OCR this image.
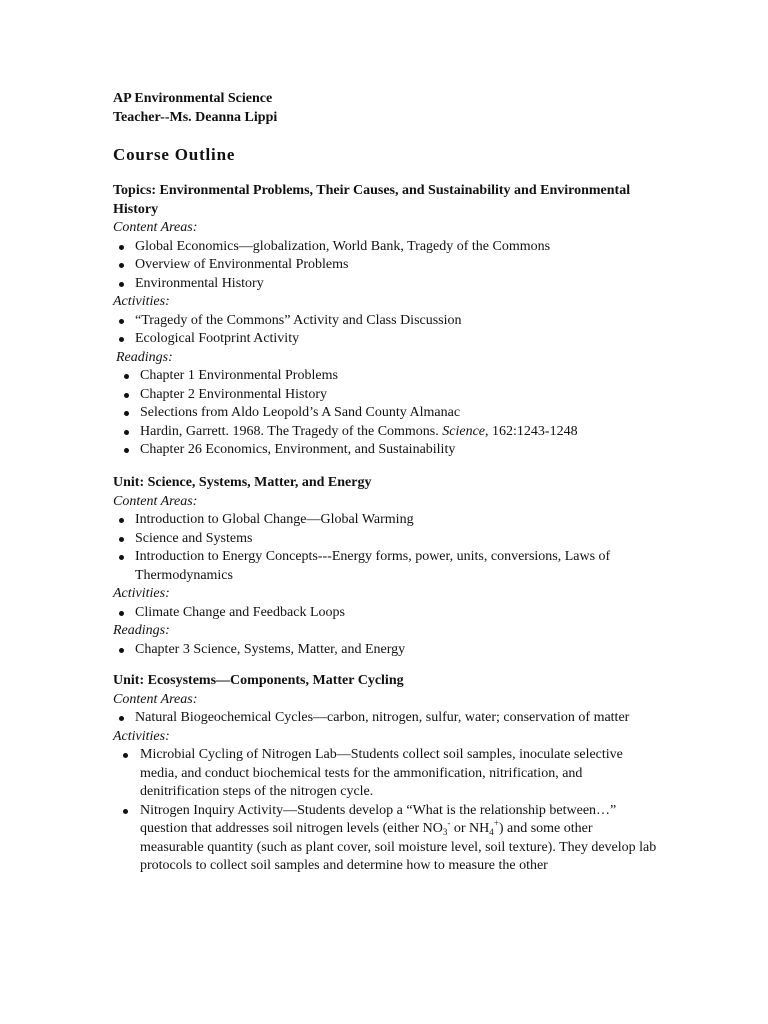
AP Environmental Science
Teacher--Ms. Deanna Lippi
Course Outline
Topics: Environmental Problems, Their Causes, and Sustainability and Environmental History
Content Areas:
Global Economics—globalization, World Bank, Tragedy of the Commons
Overview of Environmental Problems
Environmental History
Activities:
“Tragedy of the Commons” Activity and Class Discussion
Ecological Footprint Activity
Readings:
Chapter 1 Environmental Problems
Chapter 2 Environmental History
Selections from Aldo Leopold’s A Sand County Almanac
Hardin, Garrett. 1968. The Tragedy of the Commons. Science, 162:1243-1248
Chapter 26 Economics, Environment, and Sustainability
Unit: Science, Systems, Matter, and Energy
Content Areas:
Introduction to Global Change—Global Warming
Science and Systems
Introduction to Energy Concepts---Energy forms, power, units, conversions, Laws of Thermodynamics
Activities:
Climate Change and Feedback Loops
Readings:
Chapter 3 Science, Systems, Matter, and Energy
Unit: Ecosystems—Components, Matter Cycling
Content Areas:
Natural Biogeochemical Cycles—carbon, nitrogen, sulfur, water; conservation of matter
Activities:
Microbial Cycling of Nitrogen Lab—Students collect soil samples, inoculate selective media, and conduct biochemical tests for the ammonification, nitrification, and denitrification steps of the nitrogen cycle.
Nitrogen Inquiry Activity—Students develop a “What is the relationship between…” question that addresses soil nitrogen levels (either $NO_3^-$ or $NH_4^+$) and some other measurable quantity (such as plant cover, soil moisture level, soil texture). They develop lab protocols to collect soil samples and determine how to measure the other
